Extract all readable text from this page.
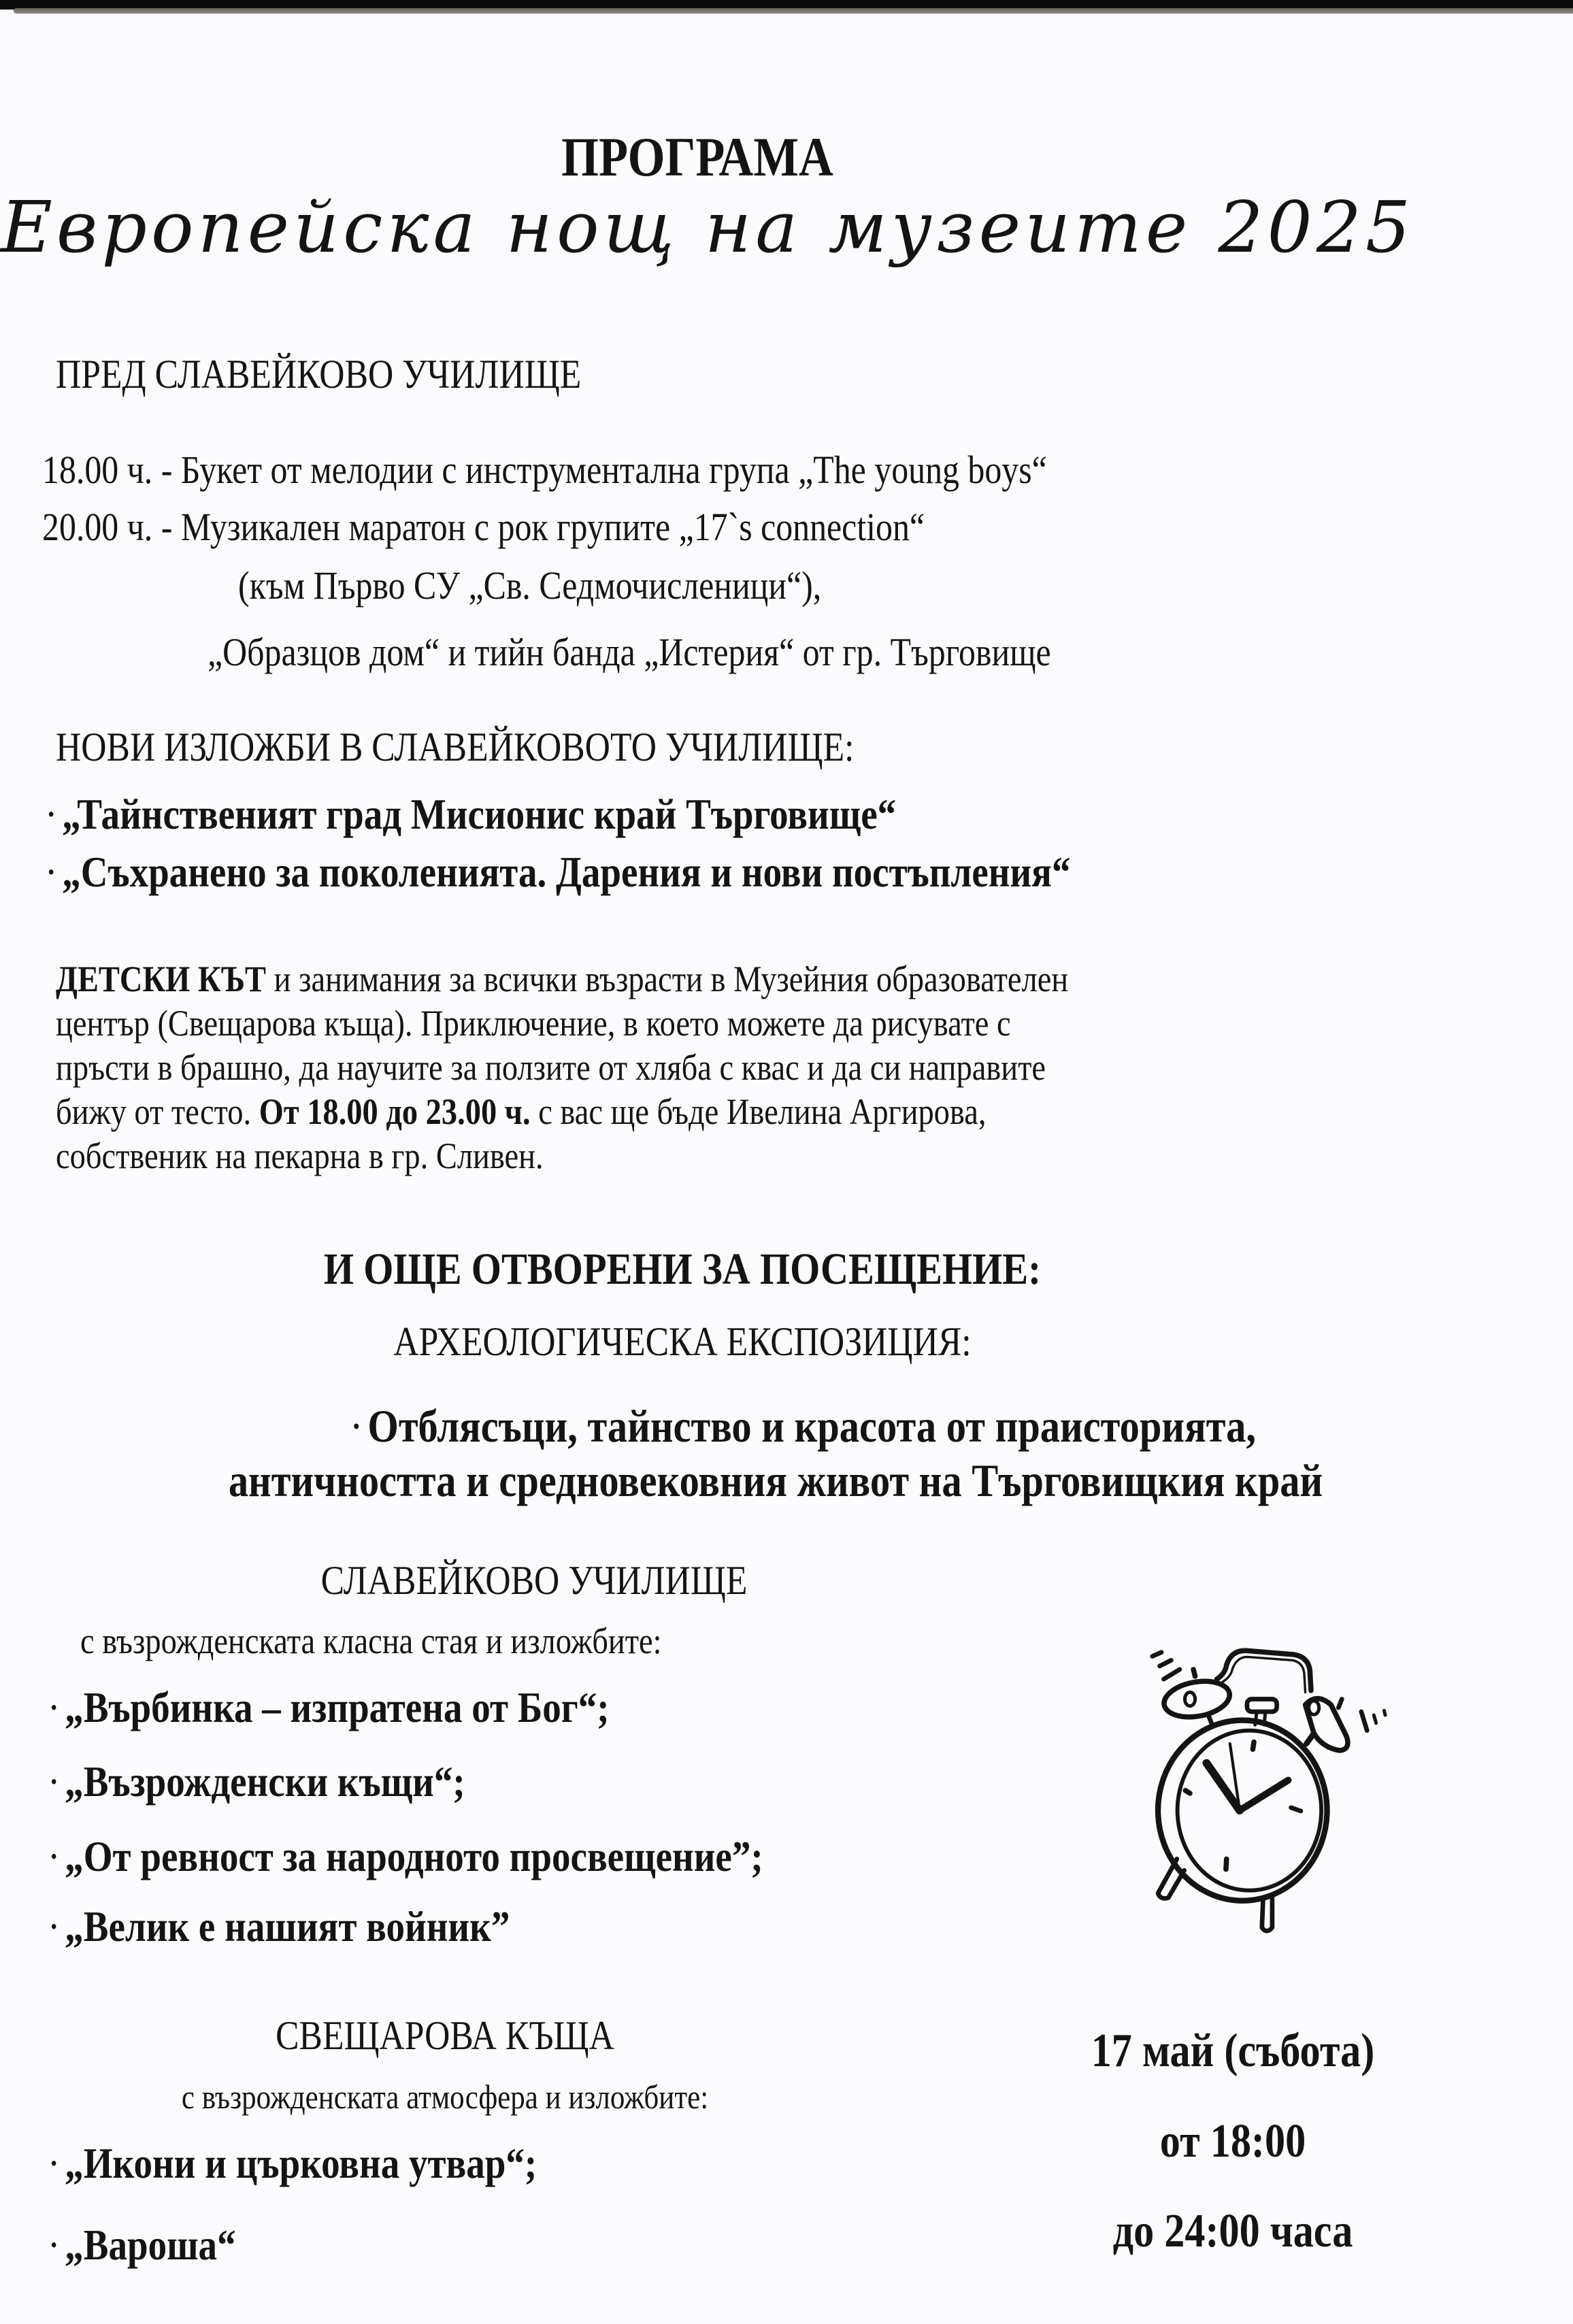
ПРОГРАМА
Европейска нощ на музеите 2025
ПРЕД СЛАВЕЙКОВО УЧИЛИЩЕ
18.00 ч. - Букет от мелодии с инструментална група „The young boys“
20.00 ч. - Музикален маратон с рок групите „17`s connection“
(към Първо СУ „Св. Седмочисленици“),
„Образцов дом“ и тийн банда „Истерия“ от гр. Търговище
НОВИ ИЗЛОЖБИ В СЛАВЕЙКОВОТО УЧИЛИЩЕ:
· „Тайнственият град Мисионис край Търговище“
· „Съхранено за поколенията. Дарения и нови постъпления“
ДЕТСКИ КЪТ и занимания за всички възрасти в Музейния образователен
център (Свещарова къща). Приключение, в което можете да рисувате с
пръсти в брашно, да научите за ползите от хляба с квас и да си направите
бижу от тесто. От 18.00 до 23.00 ч. с вас ще бъде Ивелина Аргирова,
собственик на пекарна в гр. Сливен.
И ОЩЕ ОТВОРЕНИ ЗА ПОСЕЩЕНИЕ:
АРХЕОЛОГИЧЕСКА ЕКСПОЗИЦИЯ:
· Отблясъци, тайнство и красота от праисторията,
античността и средновековния живот на Търговищкия край
СЛАВЕЙКОВО УЧИЛИЩЕ
с възрожденската класна стая и изложбите:
· „Върбинка – изпратена от Бог“;
· „Възрожденски къщи“;
· „От ревност за народното просвещение”;
· „Велик е нашият войник”
СВЕЩАРОВА КЪЩА
с възрожденската атмосфера и изложбите:
· „Икони и църковна утвар“;
· „Вароша“
17 май (събота)
от 18:00
до 24:00 часа
